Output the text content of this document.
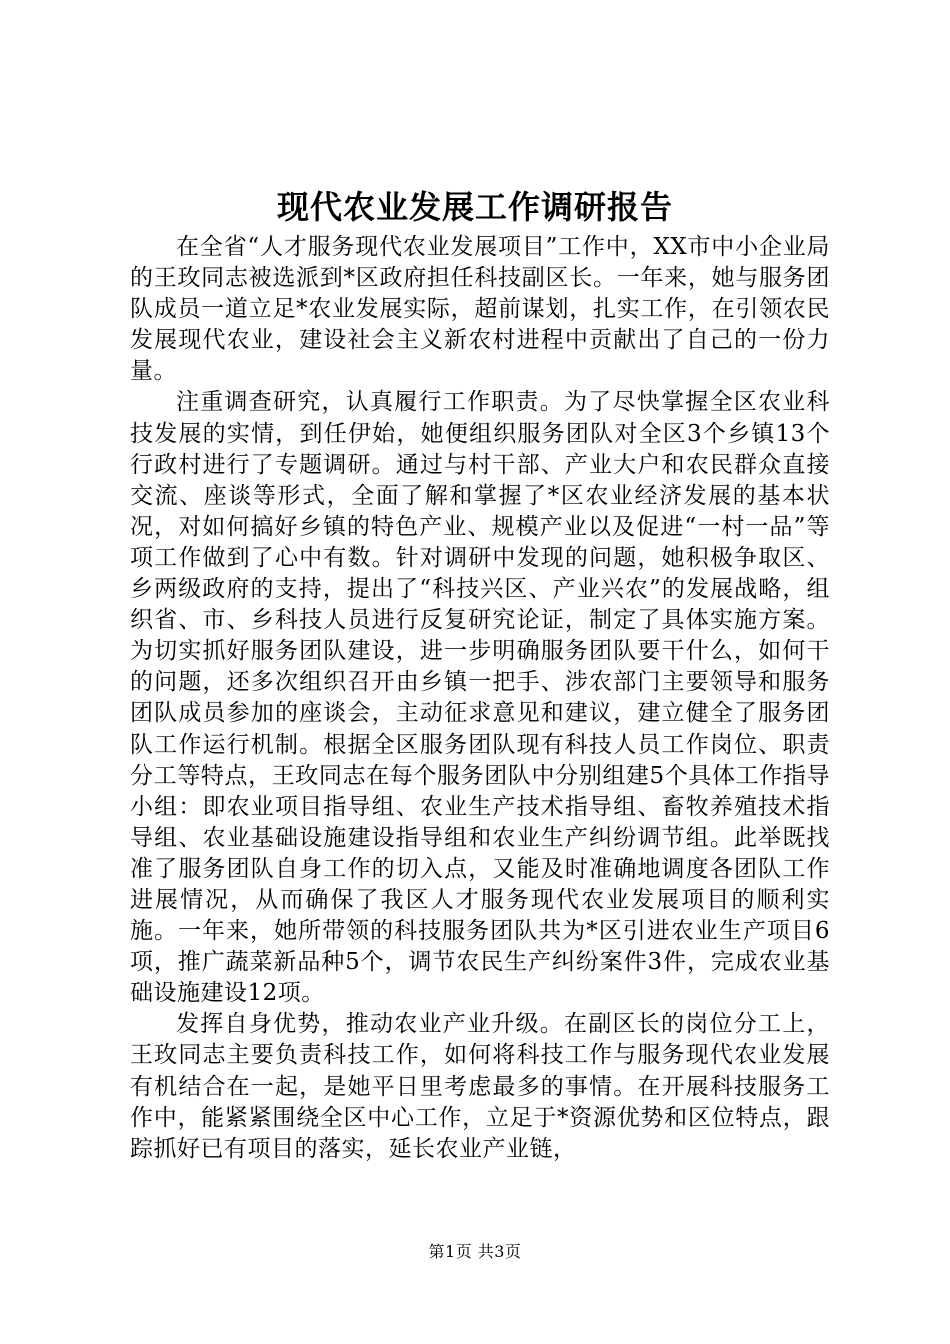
现代农业发展工作调研报告

在全省“人才服务现代农业发展项目”工作中，XX市中小企业局的王玫同志被选派到*区政府担任科技副区长。一年来，她与服务团队成员一道立足*农业发展实际，超前谋划，扎实工作，在引领农民发展现代农业，建设社会主义新农村进程中贡献出了自己的一份力量。

注重调查研究，认真履行工作职责。为了尽快掌握全区农业科技发展的实情，到任伊始，她便组织服务团队对全区3个乡镇13个行政村进行了专题调研。通过与村干部、产业大户和农民群众直接交流、座谈等形式，全面了解和掌握了*区农业经济发展的基本状况，对如何搞好乡镇的特色产业、规模产业以及促进“一村一品”等项工作做到了心中有数。针对调研中发现的问题，她积极争取区、乡两级政府的支持，提出了“科技兴区、产业兴农”的发展战略，组织省、市、乡科技人员进行反复研究论证，制定了具体实施方案。为切实抓好服务团队建设，进一步明确服务团队要干什么，如何干的问题，还多次组织召开由乡镇一把手、涉农部门主要领导和服务团队成员参加的座谈会，主动征求意见和建议，建立健全了服务团队工作运行机制。根据全区服务团队现有科技人员工作岗位、职责分工等特点，王玫同志在每个服务团队中分别组建5个具体工作指导小组：即农业项目指导组、农业生产技术指导组、畜牧养殖技术指导组、农业基础设施建设指导组和农业生产纠纷调节组。此举既找准了服务团队自身工作的切入点，又能及时准确地调度各团队工作进展情况，从而确保了我区人才服务现代农业发展项目的顺利实施。一年来，她所带领的科技服务团队共为*区引进农业生产项目6项，推广蔬菜新品种5个，调节农民生产纠纷案件3件，完成农业基础设施建设12项。

发挥自身优势，推动农业产业升级。在副区长的岗位分工上，王玫同志主要负责科技工作，如何将科技工作与服务现代农业发展有机结合在一起，是她平日里考虑最多的事情。在开展科技服务工作中，能紧紧围绕全区中心工作，立足于*资源优势和区位特点，跟踪抓好已有项目的落实，延长农业产业链，

第1页 共3页
